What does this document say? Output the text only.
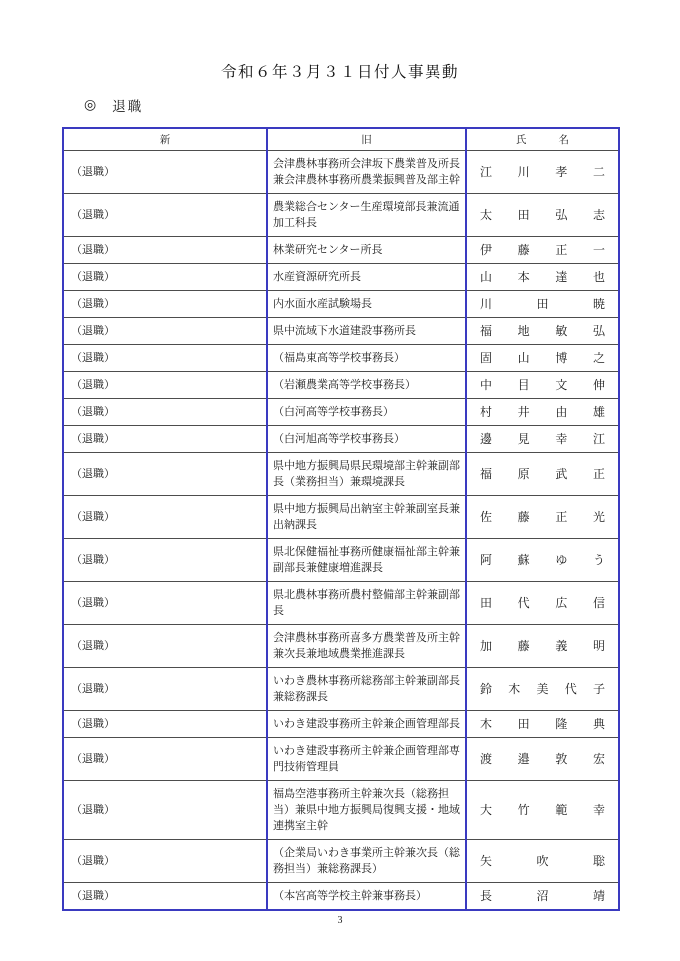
令和６年３月３１日付人事異動
◎ 退職
新	旧	氏 名

（退職）	会津農林事務所会津坂下農業普及所長兼会津農林事務所農業振興普及部主幹	江 川 孝 二

（退職）	農業総合センター生産環境部長兼流通加工科長	太 田 弘 志

（退職）	林業研究センター所長	伊 藤 正 一

（退職）	水産資源研究所長	山 本 達 也

（退職）	内水面水産試験場長	川 田 暁

（退職）	県中流域下水道建設事務所長	福 地 敏 弘

（退職）	（福島東高等学校事務長）	固 山 博 之

（退職）	（岩瀬農業高等学校事務長）	中 目 文 伸

（退職）	（白河高等学校事務長）	村 井 由 雄

（退職）	（白河旭高等学校事務長）	邊 見 幸 江

（退職）	県中地方振興局県民環境部主幹兼副部長（業務担当）兼環境課長	福 原 武 正

（退職）	県中地方振興局出納室主幹兼副室長兼出納課長	佐 藤 正 光

（退職）	県北保健福祉事務所健康福祉部主幹兼副部長兼健康増進課長	阿 蘇 ゆ う

（退職）	県北農林事務所農村整備部主幹兼副部長	田 代 広 信

（退職）	会津農林事務所喜多方農業普及所主幹兼次長兼地域農業推進課長	加 藤 義 明

（退職）	いわき農林事務所総務部主幹兼副部長兼総務課長	鈴 木 美 代 子

（退職）	いわき建設事務所主幹兼企画管理部長	木 田 隆 典

（退職）	いわき建設事務所主幹兼企画管理部専門技術管理員	渡 邉 敦 宏

（退職）	福島空港事務所主幹兼次長（総務担当）兼県中地方振興局復興支援・地域連携室主幹	大 竹 範 幸

（退職）	（企業局いわき事業所主幹兼次長（総務担当）兼総務課長）	矢 吹 聡

（退職）	（本宮高等学校主幹兼事務長）	長 沼 靖
3
